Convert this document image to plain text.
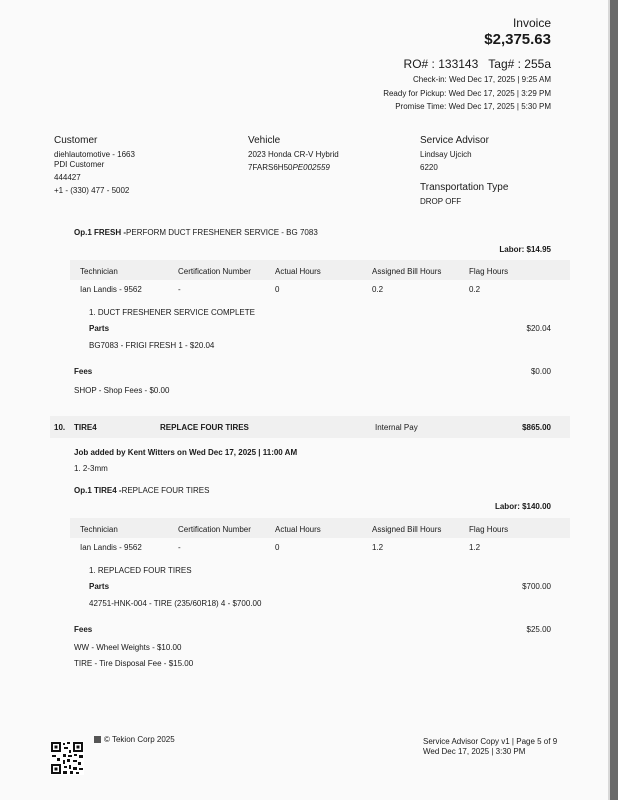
Invoice
$2,375.63
RO# : 133143 Tag# : 255a
Check-in: Wed Dec 17, 2025 | 9:25 AM
Ready for Pickup: Wed Dec 17, 2025 | 3:29 PM
Promise Time: Wed Dec 17, 2025 | 5:30 PM
Customer
diehlautomotive - 1663
PDI Customer
444427
+1 - (330) 477 - 5002
Vehicle
2023 Honda CR-V Hybrid
7FARS6H50PE002559
Service Advisor
Lindsay Ujcich
6220
Transportation Type
DROP OFF
Op.1 FRESH -PERFORM DUCT FRESHENER SERVICE - BG 7083
Labor: $14.95
Technician	Certification Number	Actual Hours	Assigned Bill Hours	Flag Hours
Ian Landis - 9562	-	0	0.2	0.2
1. DUCT FRESHENER SERVICE COMPLETE
Parts	$20.04
BG7083 - FRIGI FRESH 1 - $20.04
Fees	$0.00
SHOP - Shop Fees - $0.00
10. TIRE4	REPLACE FOUR TIRES	Internal Pay	$865.00
Job added by Kent Witters on Wed Dec 17, 2025 | 11:00 AM
1. 2-3mm
Op.1 TIRE4 -REPLACE FOUR TIRES
Labor: $140.00
Technician	Certification Number	Actual Hours	Assigned Bill Hours	Flag Hours
Ian Landis - 9562	-	0	1.2	1.2
1. REPLACED FOUR TIRES
Parts	$700.00
42751-HNK-004 - TIRE (235/60R18) 4 - $700.00
Fees	$25.00
WW - Wheel Weights - $10.00
TIRE - Tire Disposal Fee - $15.00
© Tekion Corp 2025	Service Advisor Copy v1 | Page 5 of 9
Wed Dec 17, 2025 | 3:30 PM
